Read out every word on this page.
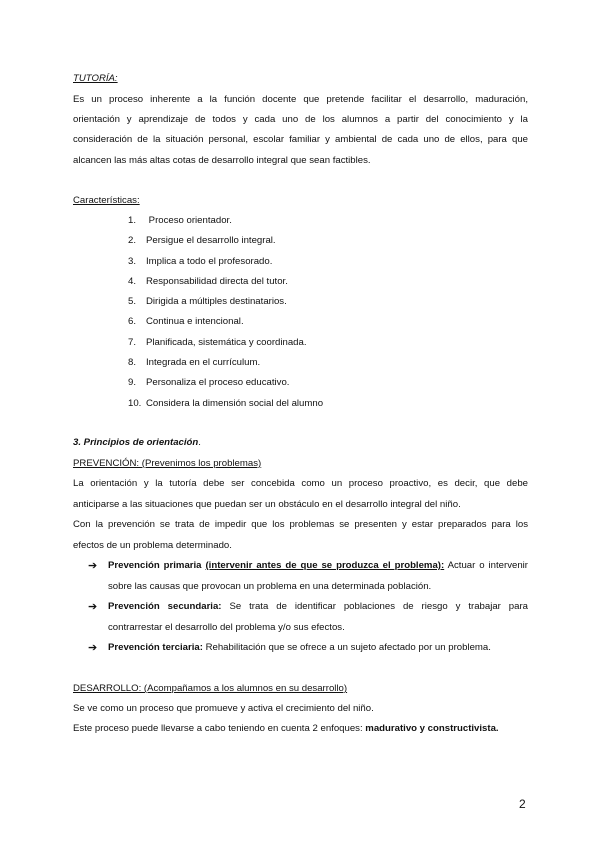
TUTORÍA:
Es un proceso inherente a la función docente que pretende facilitar el desarrollo, maduración,
orientación y aprendizaje de todos y cada uno de los alumnos a partir del conocimiento y la
consideración de la situación personal, escolar familiar y ambiental de cada uno de ellos, para que
alcancen las más altas cotas de desarrollo integral que sean factibles.
Características:
1. Proceso orientador.
2. Persigue el desarrollo integral.
3. Implica a todo el profesorado.
4. Responsabilidad directa del tutor.
5. Dirigida a múltiples destinatarios.
6. Continua e intencional.
7. Planificada, sistemática y coordinada.
8. Integrada en el currículum.
9. Personaliza el proceso educativo.
10. Considera la dimensión social del alumno
3. Principios de orientación.
PREVENCIÓN: (Prevenimos los problemas)
La orientación y la tutoría debe ser concebida como un proceso proactivo, es decir, que debe
anticiparse a las situaciones que puedan ser un obstáculo en el desarrollo integral del niño.
Con la prevención se trata de impedir que los problemas se presenten y estar preparados para los
efectos de un problema determinado.
➔ Prevención primaria (intervenir antes de que se produzca el problema): Actuar o intervenir
sobre las causas que provocan un problema en una determinada población.
➔ Prevención secundaria: Se trata de identificar poblaciones de riesgo y trabajar para
contrarrestar el desarrollo del problema y/o sus efectos.
➔ Prevención terciaria: Rehabilitación que se ofrece a un sujeto afectado por un problema.
DESARROLLO: (Acompañamos a los alumnos en su desarrollo)
Se ve como un proceso que promueve y activa el crecimiento del niño.
Este proceso puede llevarse a cabo teniendo en cuenta 2 enfoques: madurativo y constructivista.
2
